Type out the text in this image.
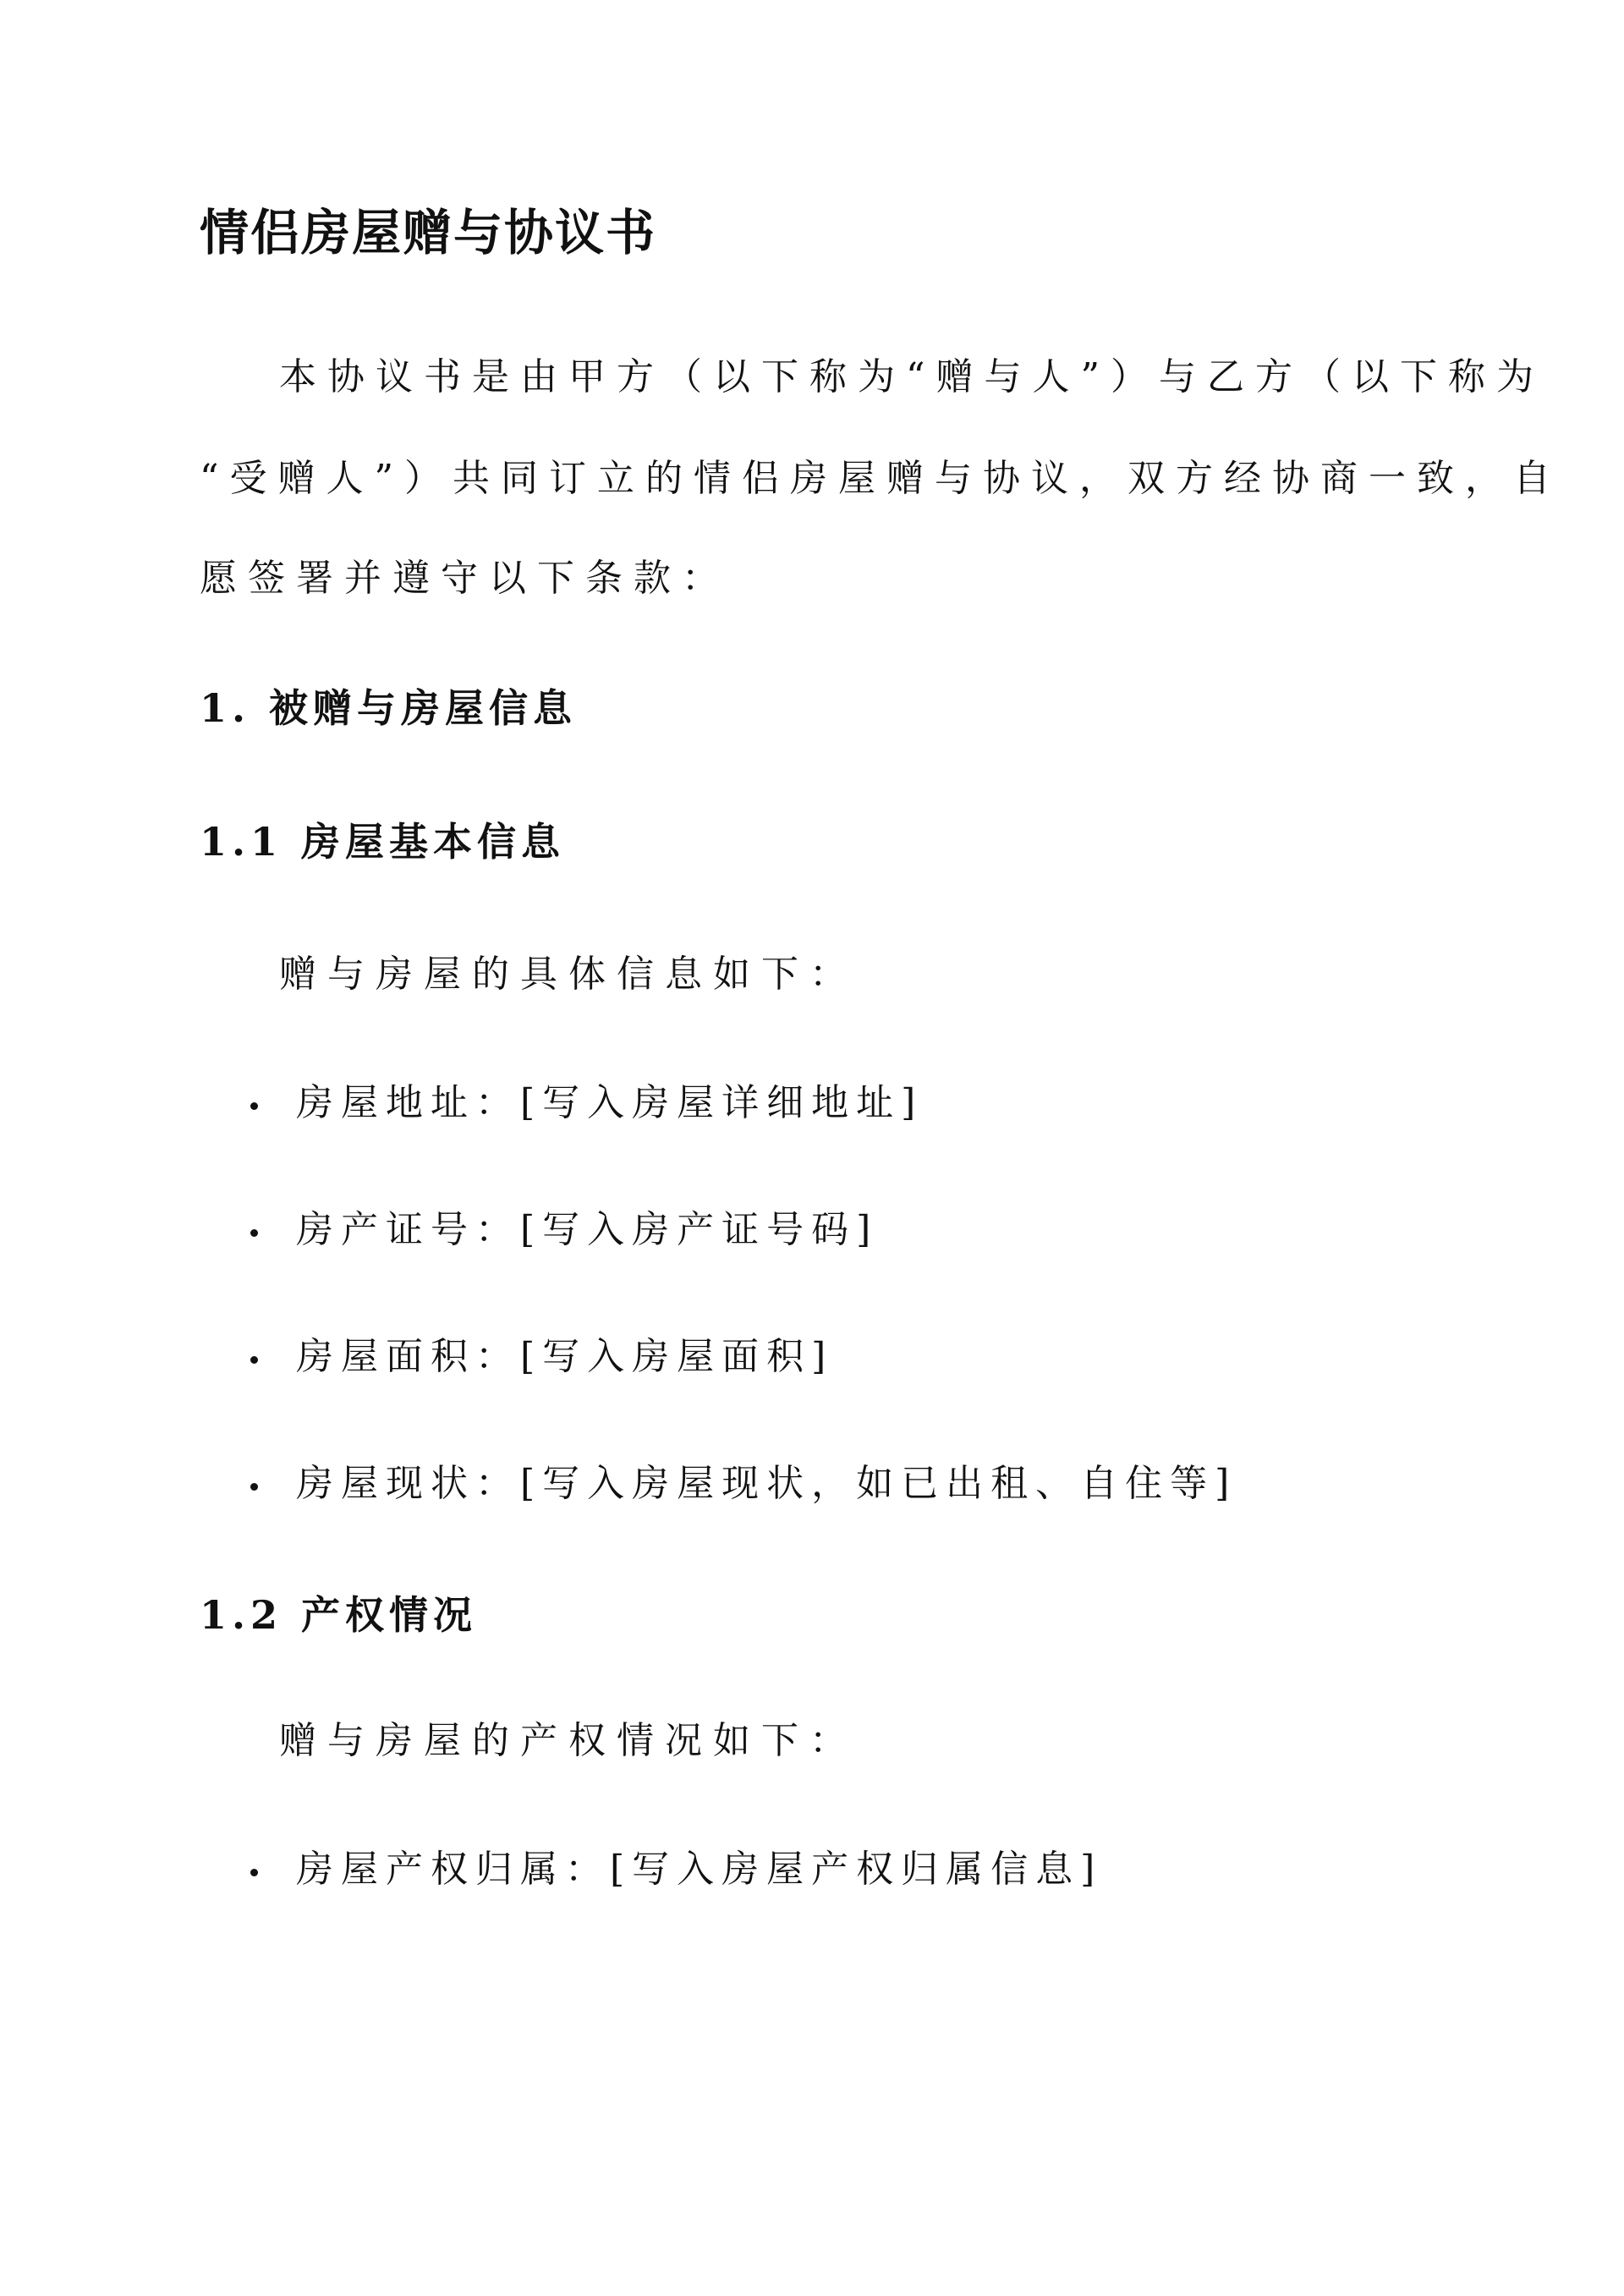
情侣房屋赠与协议书
本协议书是由甲方（以下称为“赠与人”）与乙方（以下称为
“受赠人”）共同订立的情侣房屋赠与协议，双方经协商一致，自
愿签署并遵守以下条款：
1. 被赠与房屋信息
1.1 房屋基本信息
赠与房屋的具体信息如下：
房屋地址：[写入房屋详细地址]
房产证号：[写入房产证号码]
房屋面积：[写入房屋面积]
房屋现状：[写入房屋现状，如已出租、自住等]
1.2 产权情况
赠与房屋的产权情况如下：
房屋产权归属：[写入房屋产权归属信息]
